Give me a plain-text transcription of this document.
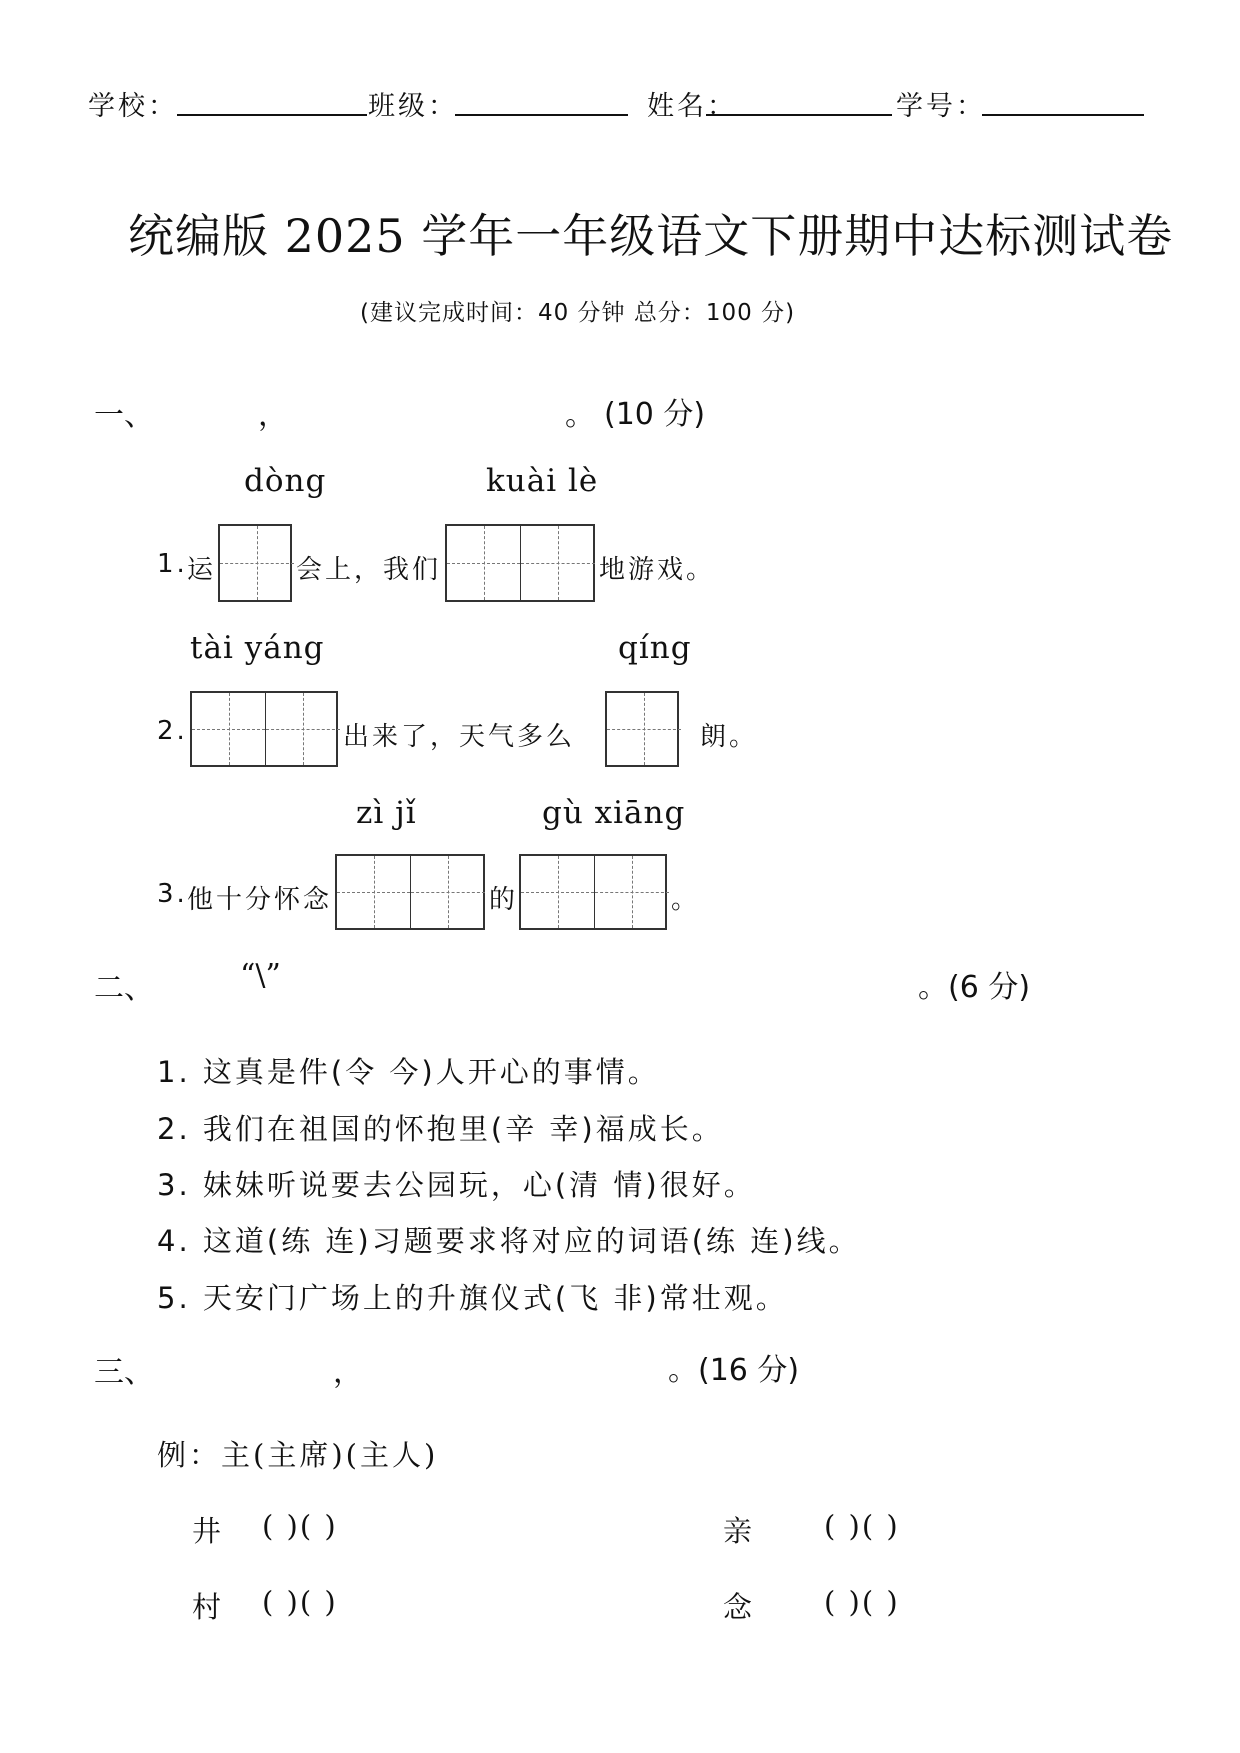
学校：	班级：	姓名：	学号：
统编版 2025 学年一年级语文下册期中达标测试卷
(建议完成时间：40 分钟 总分：100 分)
一、	，	。 (10 分)
dòng	kuài lè
1. 运	会上，我们	地游戏。
tài yáng	qíng
2.	出来了，天气多么	朗。
zì jǐ	gù xiāng
3. 他十分怀念	的	。
二、	“\”	。(6 分)
1. 这真是件(令 今)人开心的事情。
2. 我们在祖国的怀抱里(辛 幸)福成长。
3. 妹妹听说要去公园玩，心(清 情)很好。
4. 这道(练 连)习题要求将对应的词语(练 连)线。
5. 天安门广场上的升旗仪式(飞 非)常壮观。
三、	，	。(16 分)
例：主(主席)(主人)
井 ( )( )	亲 ( )( )
村 ( )( )	念 ( )( )
